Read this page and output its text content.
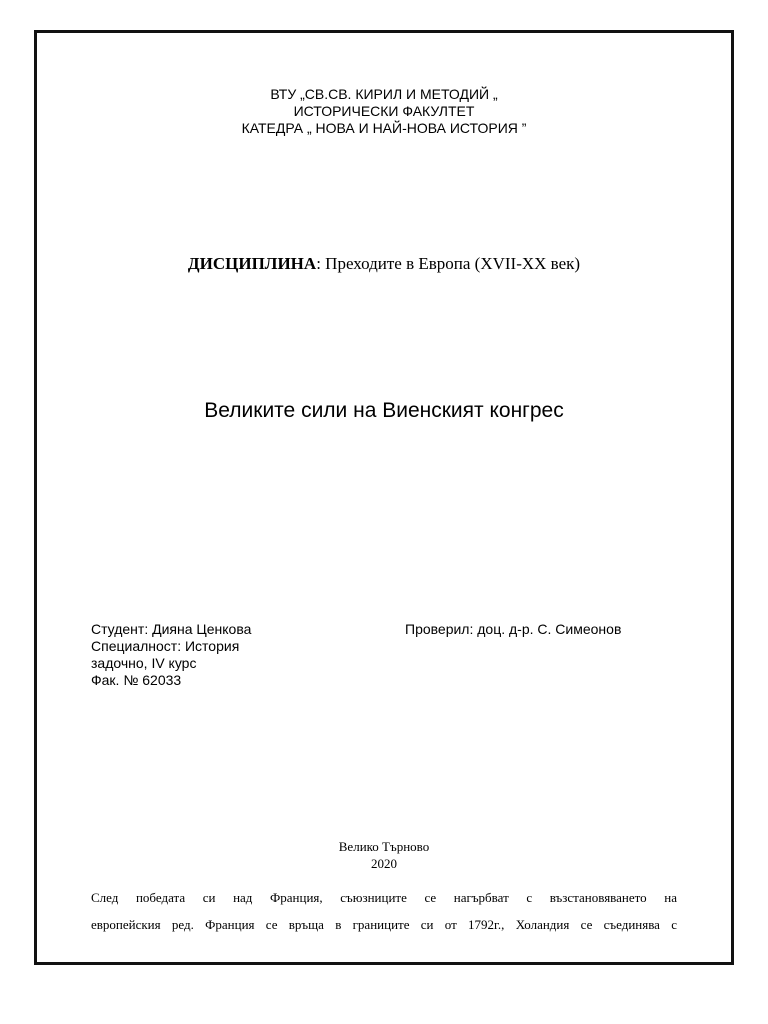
ВТУ „СВ.СВ. КИРИЛ И МЕТОДИЙ „
ИСТОРИЧЕСКИ ФАКУЛТЕТ
КАТЕДРА „ НОВА И НАЙ-НОВА ИСТОРИЯ ”
ДИСЦИПЛИНА: Преходите в Европа (XVII-XX век)
Великите сили на Виенският конгрес
Студент: Дияна Ценкова
Специалност: История
задочно, IV курс
Фак. № 62033
Проверил: доц. д-р. С. Симеонов
Велико Търново
2020
След победата си над Франция, съюзниците се нагърбват с възстановяването на
европейския ред. Франция се връща в границите си от 1792г., Холандия се съединява с
